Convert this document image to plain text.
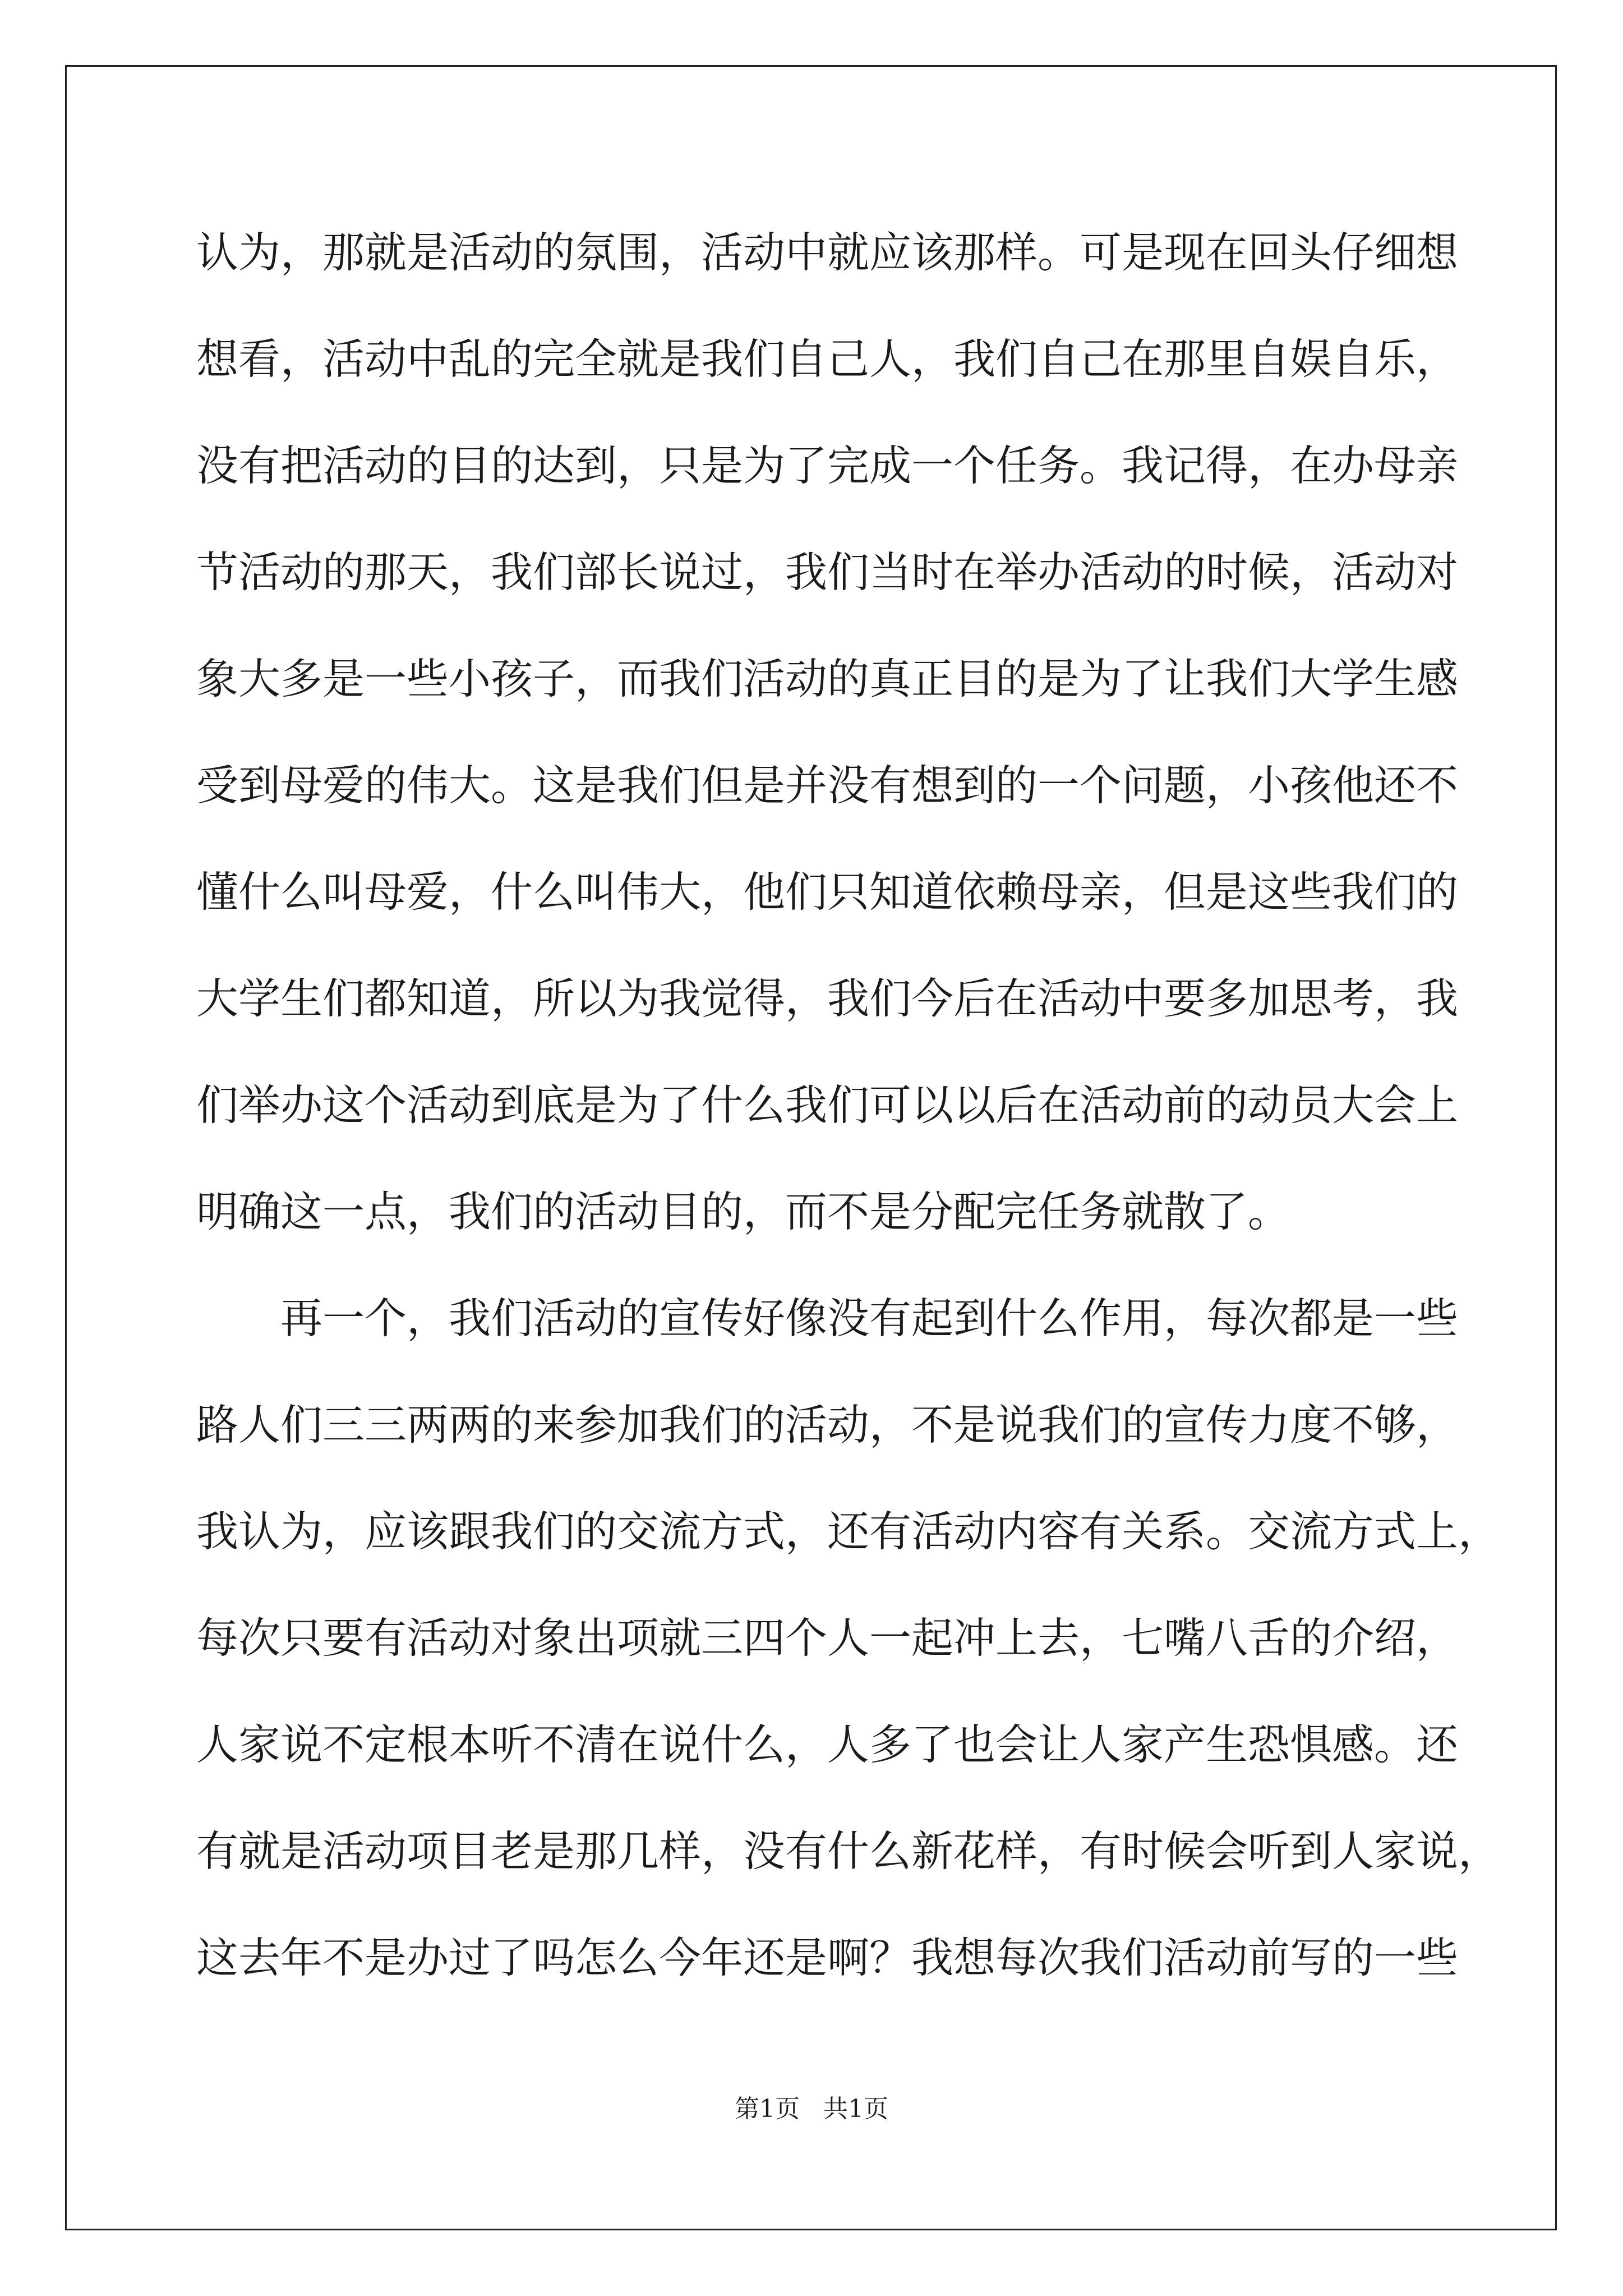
认为，那就是活动的氛围，活动中就应该那样。可是现在回头仔细想
想看，活动中乱的完全就是我们自己人，我们自己在那里自娱自乐，
没有把活动的目的达到，只是为了完成一个任务。我记得，在办母亲
节活动的那天，我们部长说过，我们当时在举办活动的时候，活动对
象大多是一些小孩子，而我们活动的真正目的是为了让我们大学生感
受到母爱的伟大。这是我们但是并没有想到的一个问题，小孩他还不
懂什么叫母爱，什么叫伟大，他们只知道依赖母亲，但是这些我们的
大学生们都知道，所以为我觉得，我们今后在活动中要多加思考，我
们举办这个活动到底是为了什么我们可以以后在活动前的动员大会上
明确这一点，我们的活动目的，而不是分配完任务就散了。
　　再一个，我们活动的宣传好像没有起到什么作用，每次都是一些
路人们三三两两的来参加我们的活动，不是说我们的宣传力度不够，
我认为，应该跟我们的交流方式，还有活动内容有关系。交流方式上，
每次只要有活动对象出项就三四个人一起冲上去，七嘴八舌的介绍，
人家说不定根本听不清在说什么，人多了也会让人家产生恐惧感。还
有就是活动项目老是那几样，没有什么新花样，有时候会听到人家说，
这去年不是办过了吗怎么今年还是啊？我想每次我们活动前写的一些
第1页 共1页
